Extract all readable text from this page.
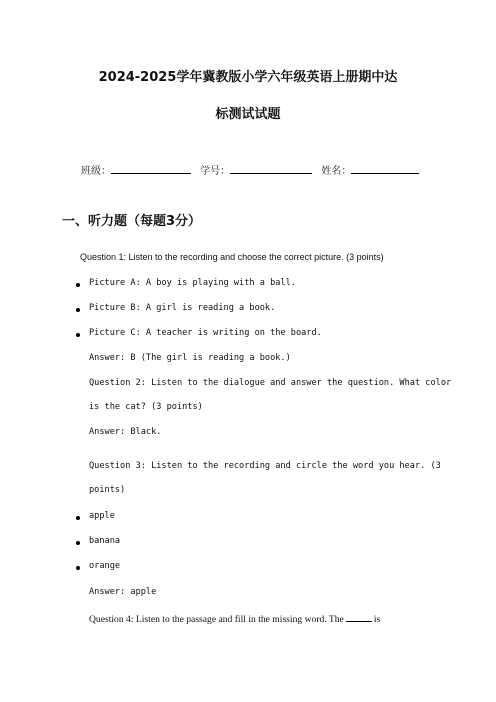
2024-2025学年冀教版小学六年级英语上册期中达
标测试试题
班级：	学号：	姓名：
一、听力题（每题3分）
Question 1: Listen to the recording and choose the correct picture. (3 points)
Picture A: A boy is playing with a ball.
Picture B: A girl is reading a book.
Picture C: A teacher is writing on the board.
Answer: B (The girl is reading a book.)
Question 2: Listen to the dialogue and answer the question. What color
is the cat? (3 points)
Answer: Black.
Question 3: Listen to the recording and circle the word you hear. (3
points)
apple
banana
orange
Answer: apple
Question 4: Listen to the passage and fill in the missing word. The	is
